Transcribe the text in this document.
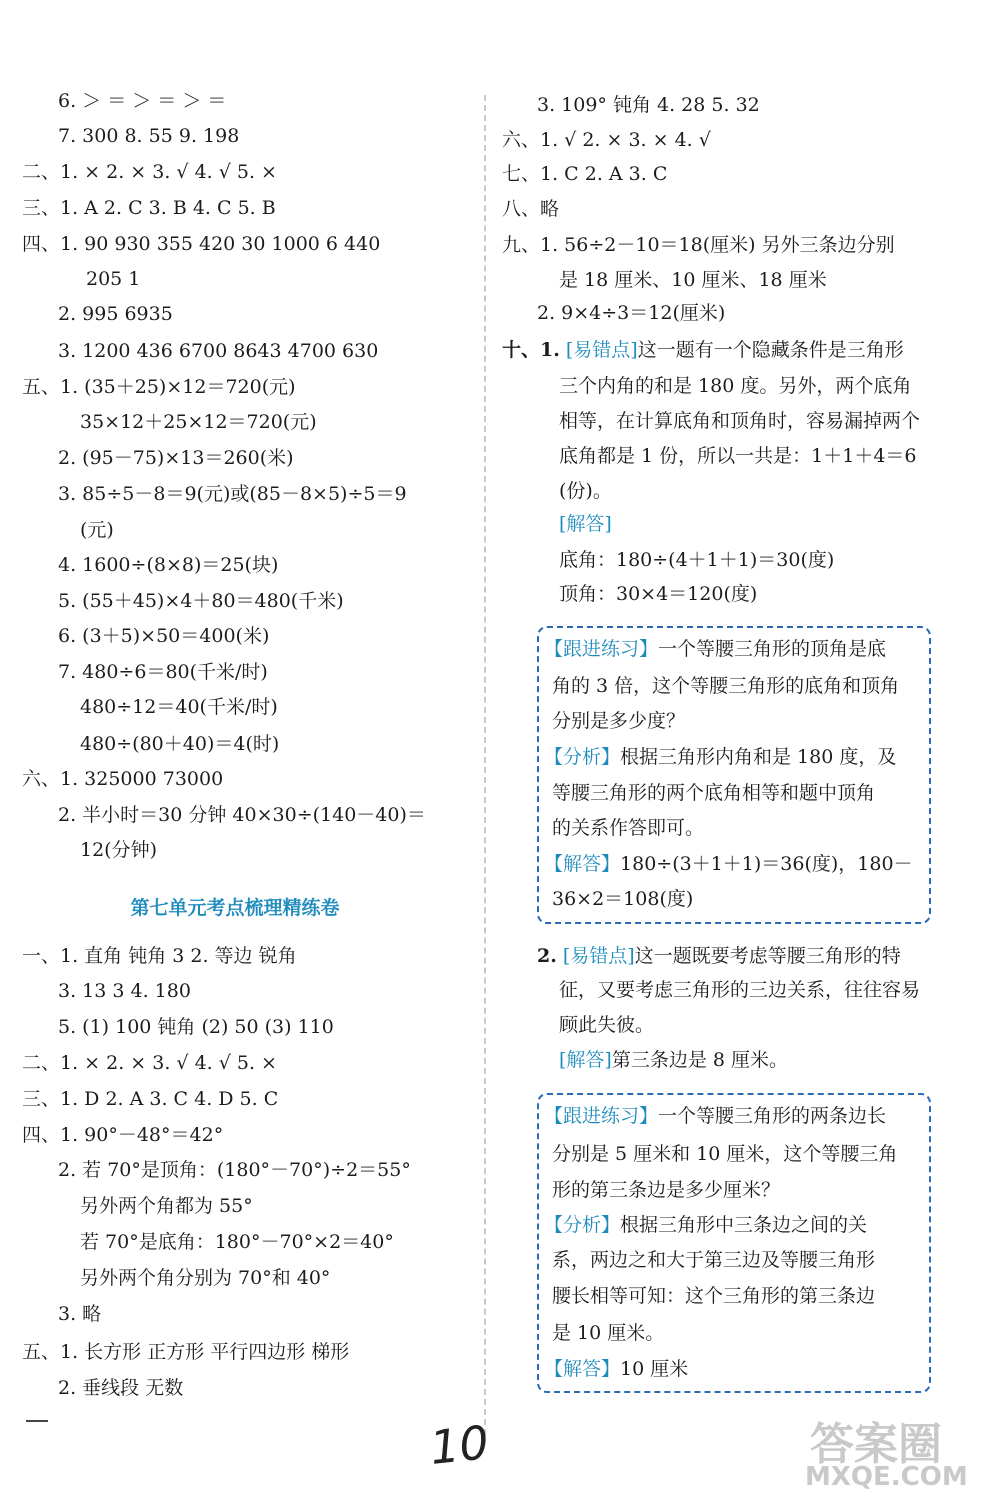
6. ＞ ＝ ＞ ＝ ＞ ＝
7. 300 8. 55 9. 198
二、1. × 2. × 3. √ 4. √ 5. ×
三、1. A 2. C 3. B 4. C 5. B
四、1. 90 930 355 420 30 1000 6 440
205 1
2. 995 6935
3. 1200 436 6700 8643 4700 630
五、1. (35＋25)×12＝720(元)
35×12＋25×12＝720(元)
2. (95－75)×13＝260(米)
3. 85÷5－8＝9(元)或(85－8×5)÷5＝9
(元)
4. 1600÷(8×8)＝25(块)
5. (55＋45)×4＋80＝480(千米)
6. (3＋5)×50＝400(米)
7. 480÷6＝80(千米/时)
480÷12＝40(千米/时)
480÷(80＋40)＝4(时)
六、1. 325000 73000
2. 半小时＝30 分钟 40×30÷(140－40)＝
12(分钟)
第七单元考点梳理精练卷
一、1. 直角 钝角 3 2. 等边 锐角
3. 13 3 4. 180
5. (1) 100 钝角 (2) 50 (3) 110
二、1. × 2. × 3. √ 4. √ 5. ×
三、1. D 2. A 3. C 4. D 5. C
四、1. 90°－48°＝42°
2. 若 70°是顶角：(180°－70°)÷2＝55°
另外两个角都为 55°
若 70°是底角：180°－70°×2＝40°
另外两个角分别为 70°和 40°
3. 略
五、1. 长方形 正方形 平行四边形 梯形
2. 垂线段 无数
3. 109° 钝角 4. 28 5. 32
六、1. √ 2. × 3. × 4. √
七、1. C 2. A 3. C
八、略
九、1. 56÷2－10＝18(厘米) 另外三条边分别
是 18 厘米、10 厘米、18 厘米
2. 9×4÷3＝12(厘米)
十、1. [易错点]这一题有一个隐藏条件是三角形
三个内角的和是 180 度。另外，两个底角
相等，在计算底角和顶角时，容易漏掉两个
底角都是 1 份，所以一共是：1＋1＋4＝6
(份)。
[解答]
底角：180÷(4＋1＋1)＝30(度)
顶角：30×4＝120(度)
【跟进练习】一个等腰三角形的顶角是底
角的 3 倍，这个等腰三角形的底角和顶角
分别是多少度？
【分析】根据三角形内角和是 180 度，及
等腰三角形的两个底角相等和题中顶角
的关系作答即可。
【解答】180÷(3＋1＋1)＝36(度)，180－
36×2＝108(度)
2. [易错点]这一题既要考虑等腰三角形的特
征，又要考虑三角形的三边关系，往往容易
顾此失彼。
[解答]第三条边是 8 厘米。
【跟进练习】一个等腰三角形的两条边长
分别是 5 厘米和 10 厘米，这个等腰三角
形的第三条边是多少厘米？
【分析】根据三角形中三条边之间的关
系，两边之和大于第三边及等腰三角形
腰长相等可知：这个三角形的第三条边
是 10 厘米。
【解答】10 厘米
10	答案圈
MXQE.COM
